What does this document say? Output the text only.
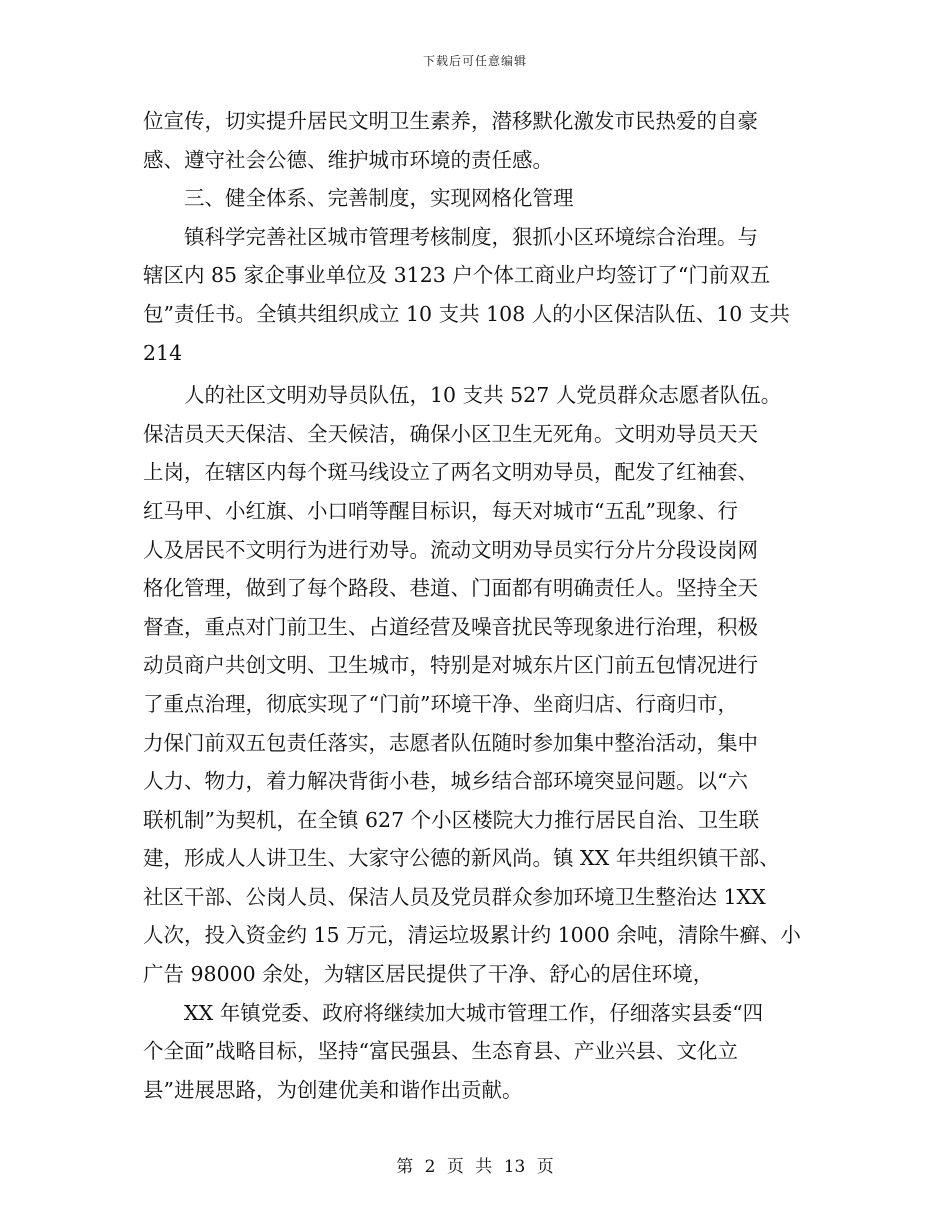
下载后可任意编辑
位宣传，切实提升居民文明卫生素养，潜移默化激发市民热爱的自豪
感、遵守社会公德、维护城市环境的责任感。
三、健全体系、完善制度，实现网格化管理
镇科学完善社区城市管理考核制度，狠抓小区环境综合治理。与
辖区内 85 家企事业单位及 3123 户个体工商业户均签订了“门前双五
包”责任书。全镇共组织成立 10 支共 108 人的小区保洁队伍、10 支共
214
人的社区文明劝导员队伍，10 支共 527 人党员群众志愿者队伍。
保洁员天天保洁、全天候洁，确保小区卫生无死角。文明劝导员天天
上岗，在辖区内每个斑马线设立了两名文明劝导员，配发了红袖套、
红马甲、小红旗、小口哨等醒目标识，每天对城市“五乱”现象、行
人及居民不文明行为进行劝导。流动文明劝导员实行分片分段设岗网
格化管理，做到了每个路段、巷道、门面都有明确责任人。坚持全天
督查，重点对门前卫生、占道经营及噪音扰民等现象进行治理，积极
动员商户共创文明、卫生城市，特别是对城东片区门前五包情况进行
了重点治理，彻底实现了“门前”环境干净、坐商归店、行商归市，
力保门前双五包责任落实，志愿者队伍随时参加集中整治活动，集中
人力、物力，着力解决背街小巷，城乡结合部环境突显问题。以“六
联机制”为契机，在全镇 627 个小区楼院大力推行居民自治、卫生联
建，形成人人讲卫生、大家守公德的新风尚。镇 XX 年共组织镇干部、
社区干部、公岗人员、保洁人员及党员群众参加环境卫生整治达 1XX
人次，投入资金约 15 万元，清运垃圾累计约 1000 余吨，清除牛癣、小
广告 98000 余处，为辖区居民提供了干净、舒心的居住环境，
XX 年镇党委、政府将继续加大城市管理工作，仔细落实县委“四
个全面”战略目标，坚持“富民强县、生态育县、产业兴县、文化立
县”进展思路，为创建优美和谐作出贡献。
第 2 页 共 13 页
